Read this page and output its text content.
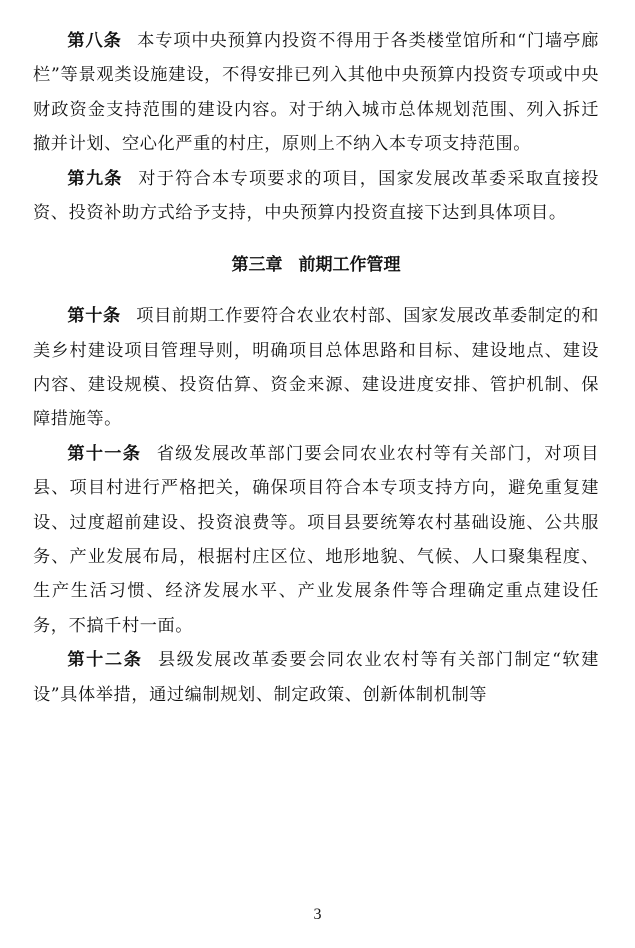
第八条 本专项中央预算内投资不得用于各类楼堂馆所和“门墙亭廊栏”等景观类设施建设，不得安排已列入其他中央预算内投资专项或中央财政资金支持范围的建设内容。对于纳入城市总体规划范围、列入拆迁撤并计划、空心化严重的村庄，原则上不纳入本专项支持范围。

第九条 对于符合本专项要求的项目，国家发展改革委采取直接投资、投资补助方式给予支持，中央预算内投资直接下达到具体项目。

第三章 前期工作管理

第十条 项目前期工作要符合农业农村部、国家发展改革委制定的和美乡村建设项目管理导则，明确项目总体思路和目标、建设地点、建设内容、建设规模、投资估算、资金来源、建设进度安排、管护机制、保障措施等。

第十一条 省级发展改革部门要会同农业农村等有关部门，对项目县、项目村进行严格把关，确保项目符合本专项支持方向，避免重复建设、过度超前建设、投资浪费等。项目县要统筹农村基础设施、公共服务、产业发展布局，根据村庄区位、地形地貌、气候、人口聚集程度、生产生活习惯、经济发展水平、产业发展条件等合理确定重点建设任务，不搞千村一面。

第十二条 县级发展改革委要会同农业农村等有关部门制定“软建设”具体举措，通过编制规划、制定政策、创新体制机制等

3
